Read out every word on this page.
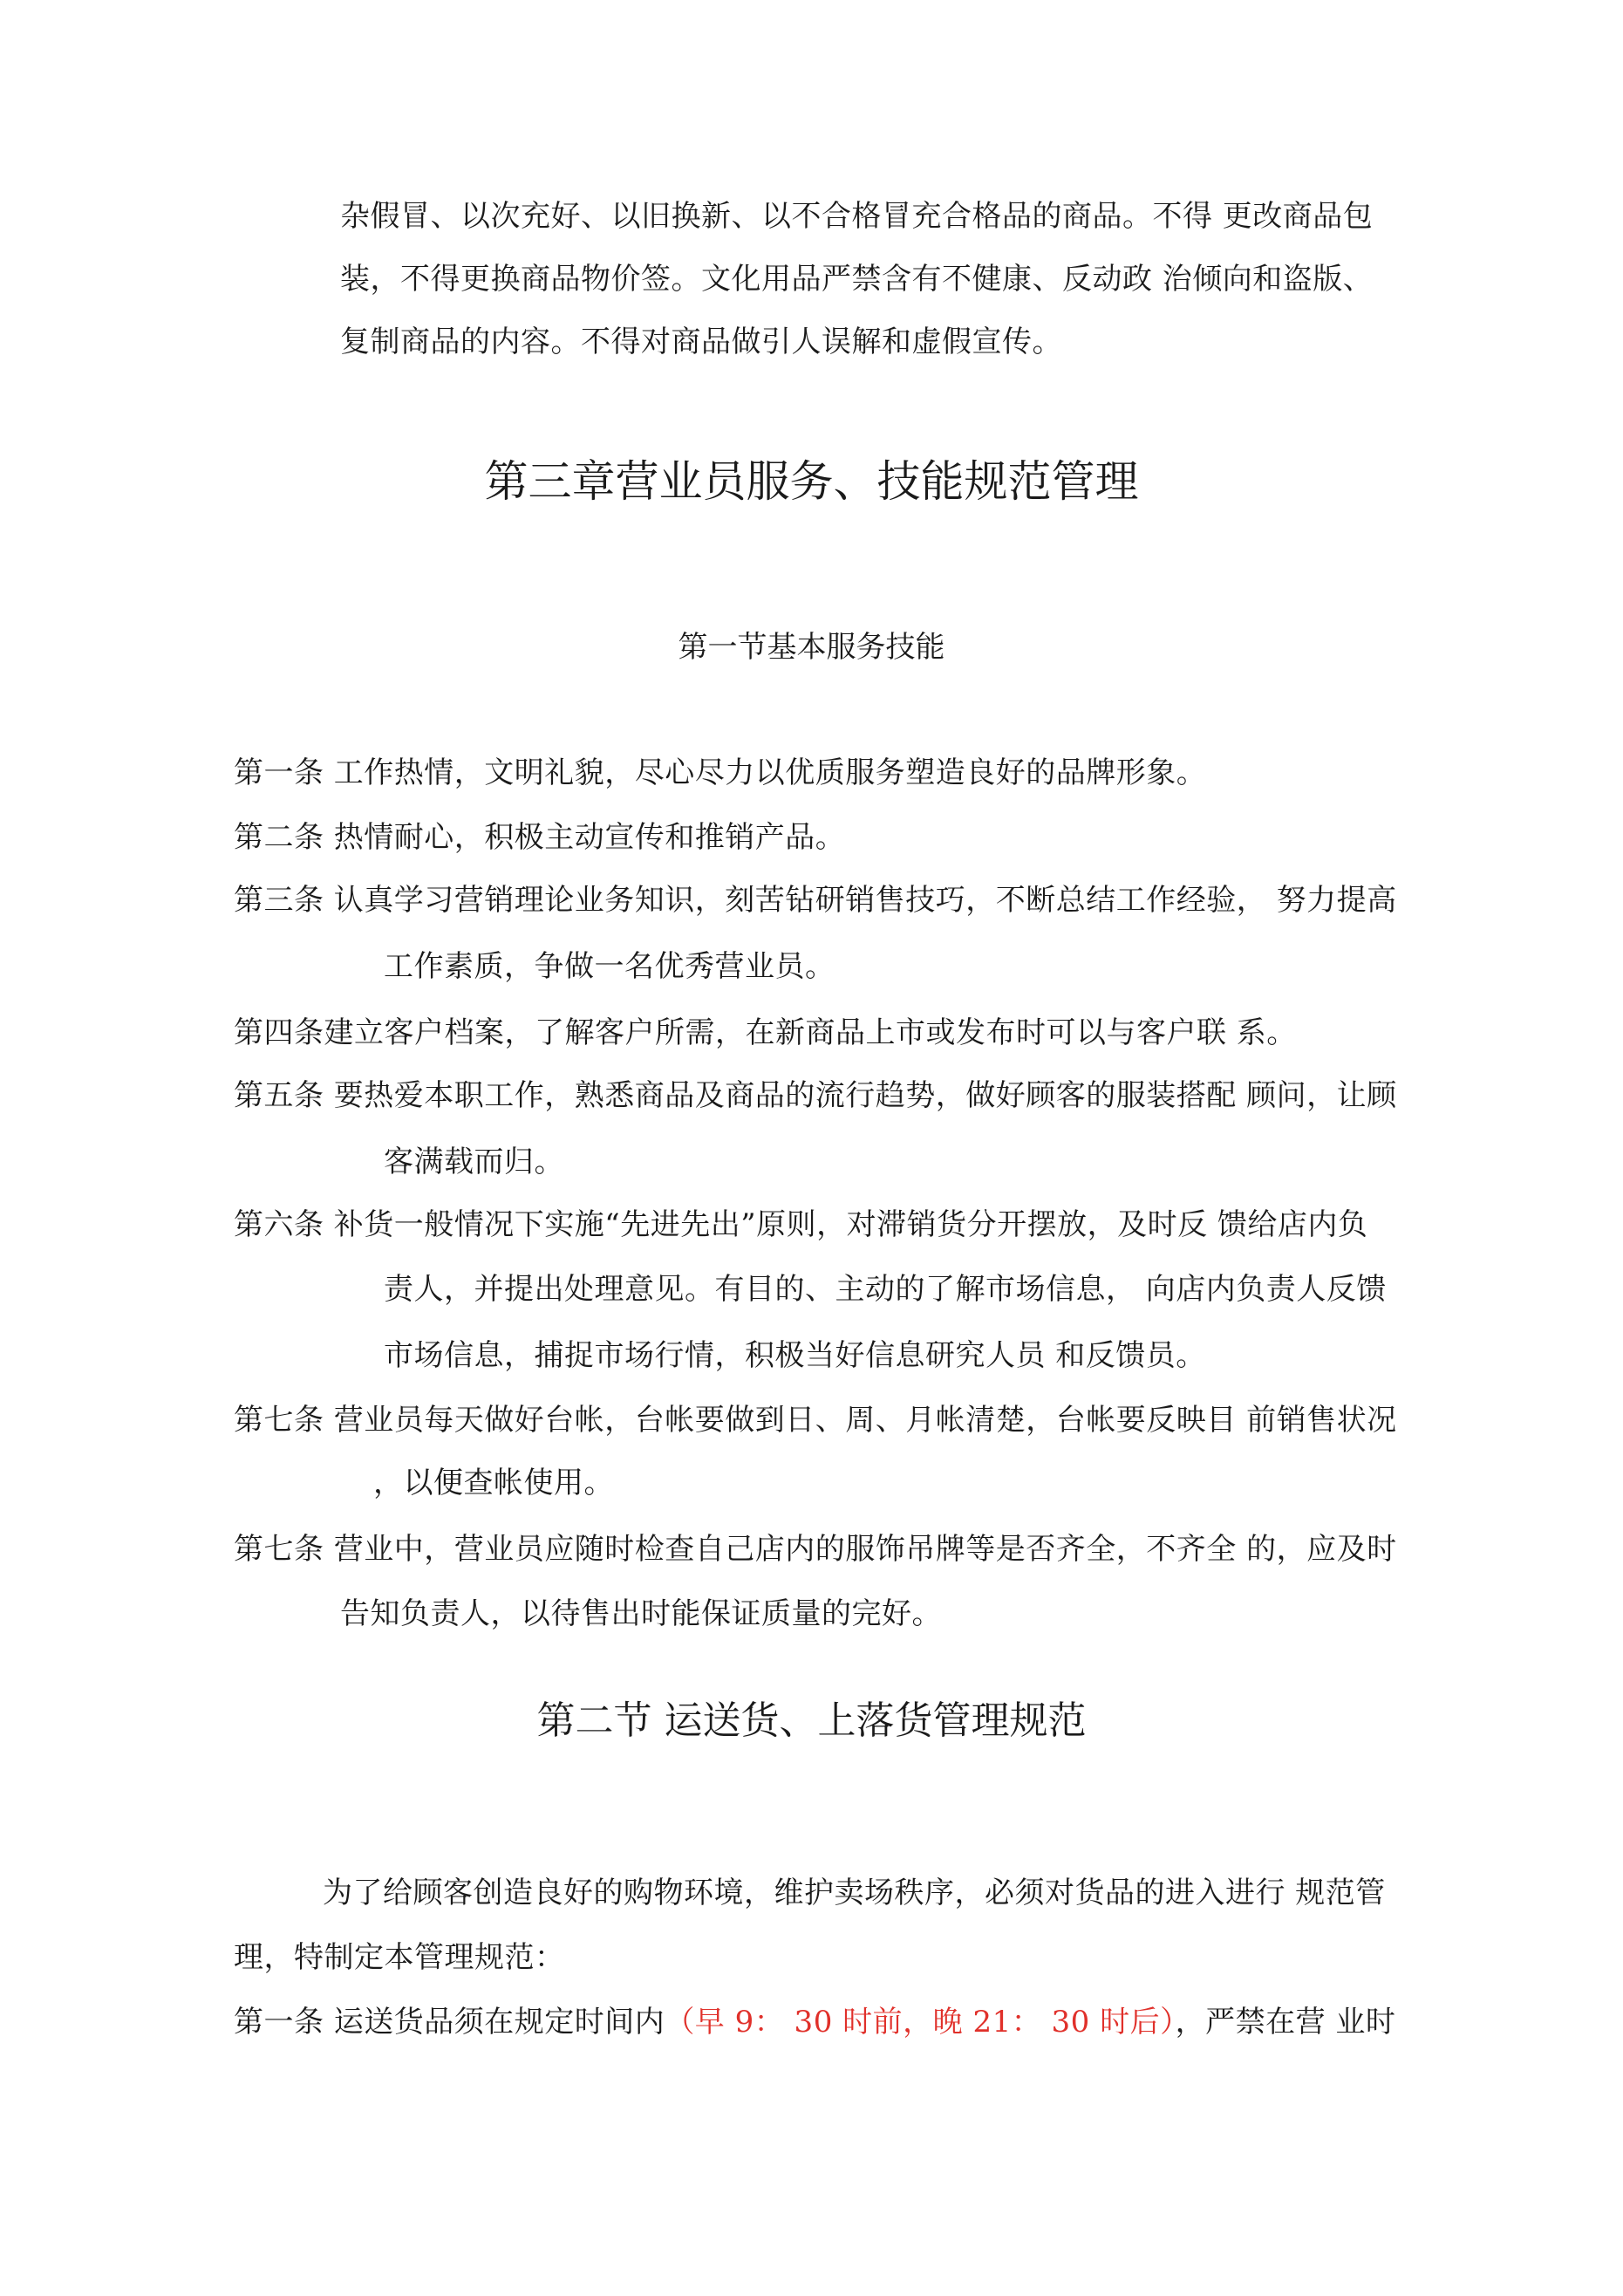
杂假冒、以次充好、以旧换新、以不合格冒充合格品的商品。不得 更改商品包
装，不得更换商品物价签。文化用品严禁含有不健康、反动政 治倾向和盗版、
复制商品的内容。不得对商品做引人误解和虚假宣传。
第三章营业员服务、技能规范管理
第一节基本服务技能
第一条 工作热情，文明礼貌，尽心尽力以优质服务塑造良好的品牌形象。
第二条 热情耐心，积极主动宣传和推销产品。
第三条 认真学习营销理论业务知识，刻苦钻研销售技巧，不断总结工作经验， 努力提高
工作素质，争做一名优秀营业员。
第四条建立客户档案，了解客户所需，在新商品上市或发布时可以与客户联 系。
第五条 要热爱本职工作，熟悉商品及商品的流行趋势，做好顾客的服装搭配 顾问，让顾
客满载而归。
第六条 补货一般情况下实施“先进先出”原则，对滞销货分开摆放，及时反 馈给店内负
责人，并提出处理意见。有目的、主动的了解市场信息， 向店内负责人反馈
市场信息，捕捉市场行情，积极当好信息研究人员 和反馈员。
第七条 营业员每天做好台帐，台帐要做到日、周、月帐清楚，台帐要反映目 前销售状况
，以便查帐使用。
第七条 营业中，营业员应随时检查自己店内的服饰吊牌等是否齐全，不齐全 的，应及时
告知负责人，以待售出时能保证质量的完好。
第二节 运送货、上落货管理规范
为了给顾客创造良好的购物环境，维护卖场秩序，必须对货品的进入进行 规范管
理，特制定本管理规范：
第一条 运送货品须在规定时间内（早 9： 30 时前，晚 21： 30 时后），严禁在营 业时
